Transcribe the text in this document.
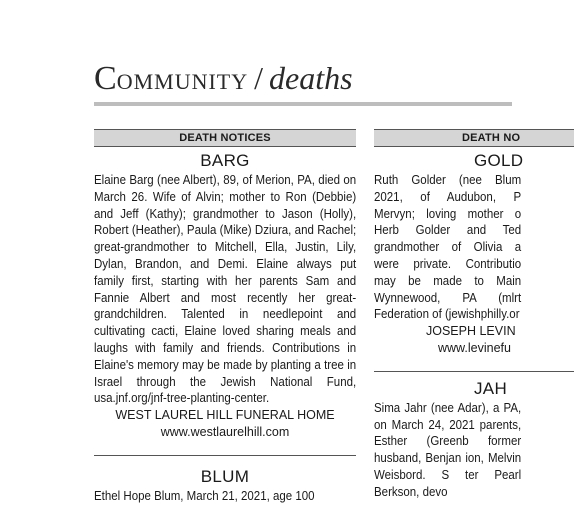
Community / deaths
DEATH NOTICES
BARG

Elaine Barg (nee Albert), 89, of Merion, PA, died on March 26. Wife of Alvin; mother to Ron (Debbie) and Jeff (Kathy); grandmother to Jason (Holly), Robert (Heather), Paula (Mike) Dziura, and Rachel; great-grandmother to Mitchell, Ella, Justin, Lily, Dylan, Brandon, and Demi. Elaine always put family first, starting with her parents Sam and Fannie Albert and most recently her great-grandchildren. Talented in needlepoint and cultivating cacti, Elaine loved sharing meals and laughs with family and friends. Contributions in Elaine's memory may be made by planting a tree in Israel through the Jewish National Fund, usa.jnf.org/jnf-tree-planting-center.

WEST LAUREL HILL FUNERAL HOME

www.westlaurelhill.com

BLUM

Ethel Hope Blum, March 21, 2021, age 100

DEATH NO
GOLD

Ruth Golder (nee Blum 2021, of Audubon, P Mervyn; loving mother o Herb Golder and Ted grandmother of Olivia a were private. Contributio may be made to Main Wynnewood, PA (mlrt Federation of (jewishphilly.or

JOSEPH LEVIN

www.levinefu

JAH

Sima Jahr (nee Adar), a PA, on March 24, 2021 parents, Esther (Greenb former husband, Benjan ion, Melvin Weisbord. S ter Pearl Berkson, devo
